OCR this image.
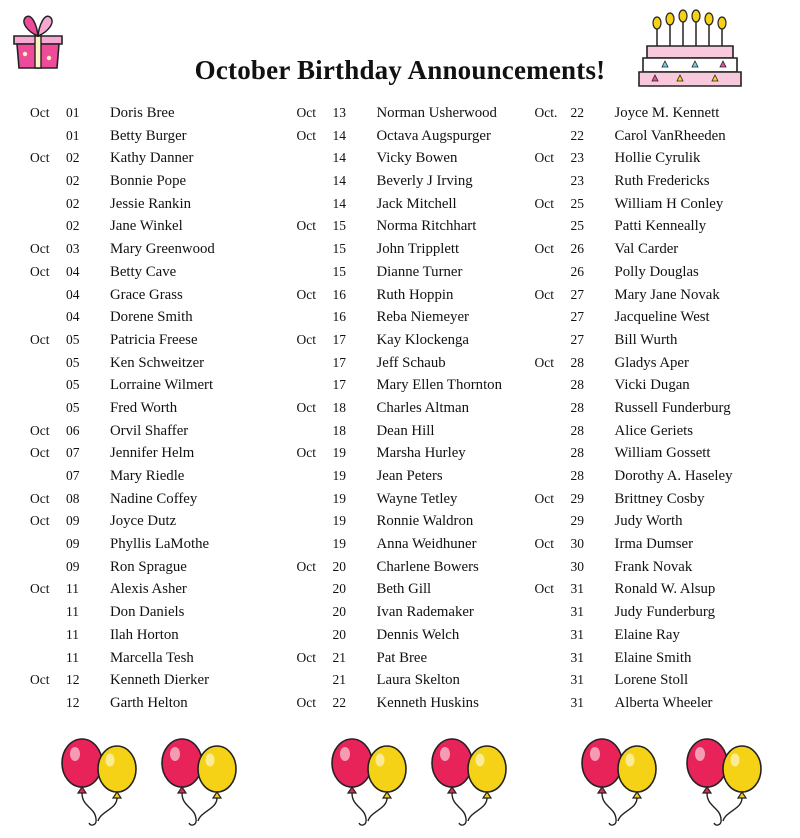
October Birthday Announcements!
Oct	01	Doris Bree
01	Betty Burger
Oct	02	Kathy Danner
02	Bonnie Pope
02	Jessie Rankin
02	Jane Winkel
Oct	03	Mary Greenwood
Oct	04	Betty Cave
04	Grace Grass
04	Dorene Smith
Oct	05	Patricia Freese
05	Ken Schweitzer
05	Lorraine Wilmert
05	Fred Worth
Oct	06	Orvil Shaffer
Oct	07	Jennifer Helm
07	Mary Riedle
Oct	08	Nadine Coffey
Oct	09	Joyce Dutz
09	Phyllis LaMothe
09	Ron Sprague
Oct	11	Alexis Asher
11	Don Daniels
11	Ilah Horton
11	Marcella Tesh
Oct	12	Kenneth Dierker
12	Garth Helton
Oct	13	Norman Usherwood
Oct	14	Octava Augspurger
14	Vicky Bowen
14	Beverly J Irving
14	Jack Mitchell
Oct	15	Norma Ritchhart
15	John Tripplett
15	Dianne Turner
Oct	16	Ruth Hoppin
16	Reba Niemeyer
Oct	17	Kay Klockenga
17	Jeff Schaub
17	Mary Ellen Thornton
Oct	18	Charles Altman
18	Dean Hill
Oct	19	Marsha Hurley
19	Jean Peters
19	Wayne Tetley
19	Ronnie Waldron
19	Anna Weidhuner
Oct	20	Charlene Bowers
20	Beth Gill
20	Ivan Rademaker
20	Dennis Welch
Oct	21	Pat Bree
21	Laura Skelton
Oct	22	Kenneth Huskins
Oct. 22	Joyce M. Kennett
22	Carol VanRheeden
Oct	23	Hollie Cyrulik
23	Ruth Fredericks
Oct	25	William H Conley
25	Patti Kenneally
Oct	26	Val Carder
26	Polly Douglas
Oct	27	Mary Jane Novak
27	Jacqueline West
27	Bill Wurth
Oct	28	Gladys Aper
28	Vicki Dugan
28	Russell Funderburg
28	Alice Geriets
28	William Gossett
28	Dorothy A. Haseley
Oct	29	Brittney Cosby
29	Judy Worth
Oct	30	Irma Dumser
30	Frank Novak
Oct	31	Ronald W. Alsup
31	Judy Funderburg
31	Elaine Ray
31	Elaine Smith
31	Lorene Stoll
31	Alberta Wheeler
